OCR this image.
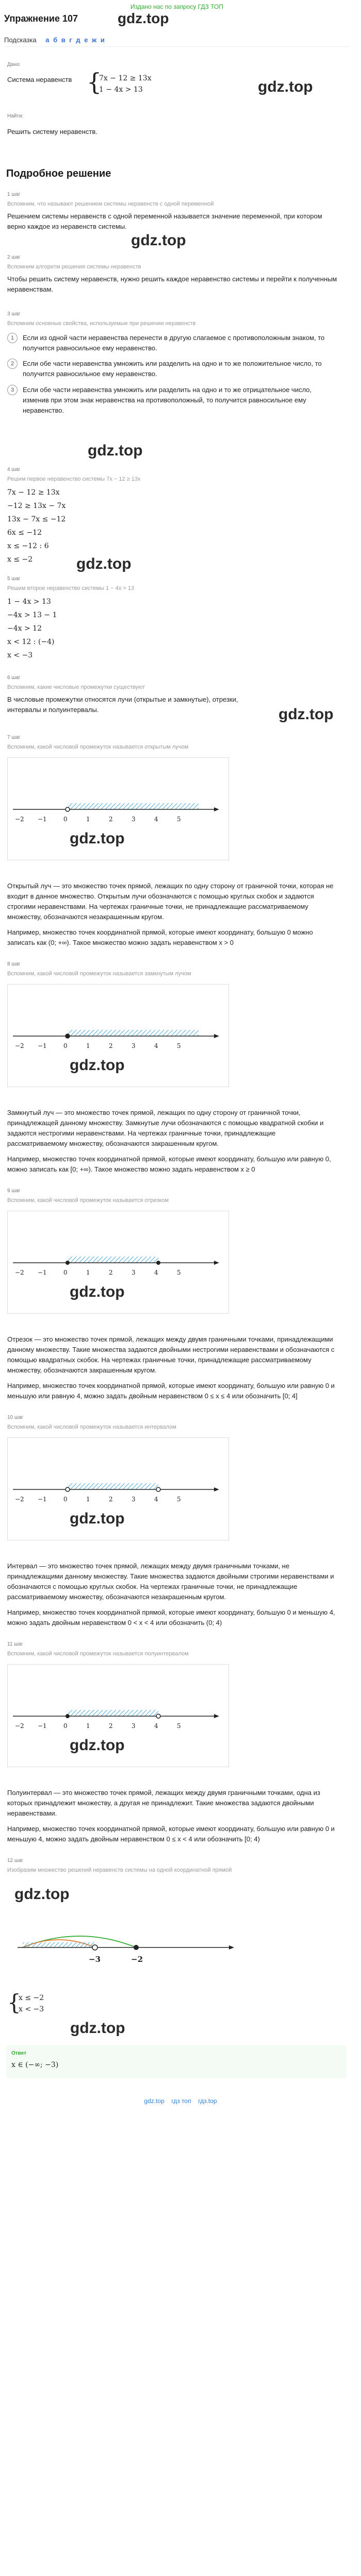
Издано нас по запросу ГДЗ ТОП
Упражнение 107	gdz.top
Подсказка а б в г д е ж и
Дано:
Системa неравенств {
7x − 12 ≥ 13x
1 − 4x > 13	gdz.top
Найти:
Решить систему неравенств.
Подробное решение
1 шаг
Вспомним, что называют решением системы неравенств с одной переменной
Решением системы неравенств с одной переменной называется значение переменной, при котором верно каждое из неравенств системы.
gdz.top
2 шаг
Вспомним алгоритм решения системы неравенств
Чтобы решить систему неравенств, нужно решить каждое неравенство системы и перейти к полученным неравенствам.
3 шаг
Вспомним основные свойства, используемые при решении неравенств
1	Если из одной части неравенства перенести в другую слагаемое с противоположным знаком, то получится равносильное ему неравенство.
2	Если обе части неравенства умножить или разделить на одно и то же положительное число, то получится равносильное ему неравенство.
3	Если обе части неравенства умножить или разделить на одно и то же отрицательное число, изменив при этом знак неравенства на противоположный, то получится равносильное ему неравенство.
gdz.top
4 шаг
Решим первое неравенство системы 7x − 12 ≥ 13x
7x − 12 ≥ 13x
−12 ≥ 13x − 7x
13x − 7x ≤ −12
6x ≤ −12
x ≤ −12 : 6
x ≤ −2	gdz.top
5 шаг
Решим второе неравенство системы 1 − 4x > 13
1 − 4x > 13
−4x > 13 − 1
−4x > 12
x < 12 : (−4)
x < −3
6 шаг
Вспомним, какие числовые промежутки существуют
В числовые промежутки относятся лучи (открытые и замкнутые), отрезки, интервалы и полуинтервалы.	gdz.top
7 шаг
Вспомним, какой числовой промежуток называется открытым лучом
−2 −1	0	1	2	3	4	5
gdz.top
Открытый луч — это множество точек прямой, лежащих по одну сторону от граничной точки, которая не входит в данное множество. Открытым лучи обозначаются с помощью круглых скобок и задаются строгими неравенствами. На чертежах граничные точки, не принадлежащие рассматриваемому множеству, обозначаются незакрашенным кругом.
Например, множество точек координатной прямой, которые имеют координату, большую 0 можно записать как (0; +∞). Такое множество можно задать неравенством x > 0
8 шаг
Вспомним, какой числовой промежуток называется замкнутым лучом
−2 −1	0	1	2	3	4	5
gdz.top
Замкнутый луч — это множество точек прямой, лежащих по одну сторону от граничной точки, принадлежащей данному множеству. Замкнутые лучи обозначаются с помощью квадратной скобки и задаются нестрогими неравенствами. На чертежах граничные точки, принадлежащие рассматриваемому множеству, обозначаются закрашенным кругом.
Например, множество точек координатной прямой, которые имеют координату, большую или равную 0, можно записать как [0; +∞). Такое множество можно задать неравенством x ≥ 0
9 шаг
Вспомним, какой числовой промежуток называется отрезком
−2 −1	0	1	2	3	4	5
gdz.top
Отрезок — это множество точек прямой, лежащих между двумя граничными точками, принадлежащими данному множеству. Такие множества задаются двойными нестрогими неравенствами и обозначаются с помощью квадратных скобок. На чертежах граничные точки, принадлежащие рассматриваемому множеству, обозначаются закрашенным кругом.
Например, множество точек координатной прямой, которые имеют координату, большую или равную 0 и меньшую или равную 4, можно задать двойным неравенством 0 ≤ x ≤ 4 или обозначить [0; 4]
10 шаг
Вспомним, какой числовой промежуток называется интервалом
−2 −1	0	1	2	3	4	5
gdz.top
Интервал — это множество точек прямой, лежащих между двумя граничными точками, не принадлежащими данному множеству. Такие множества задаются двойными строгими неравенствами и обозначаются с помощью круглых скобок. На чертежах граничные точки, не принадлежащие рассматриваемому множеству, обозначаются незакрашенным кругом.
Например, множество точек координатной прямой, которые имеют координату, большую 0 и меньшую 4, можно задать двойным неравенством 0 < x < 4 или обозначить (0; 4)
11 шаг
Вспомним, какой числовой промежуток называется полуинтервалом
−2 −1	0	1	2	3	4	5
gdz.top
Полуинтервал — это множество точек прямой, лежащих между двумя граничными точками, одна из которых принадлежит множеству, а другая не принадлежит. Такие множества задаются двойными неравенствами.
Например, множество точек координатной прямой, которые имеют координату, большую или равную 0 и меньшую 4, можно задать двойным неравенством 0 ≤ x < 4 или обозначить [0; 4)
12 шаг
Изобразим множество решений неравенств системы на одной координатной прямой
gdz.top
−3	−2
{
x ≤ −2
x < −3
gdz.top
Ответ
x ∈ (−∞; −3)
gdz.top гдз топ гдз.top
